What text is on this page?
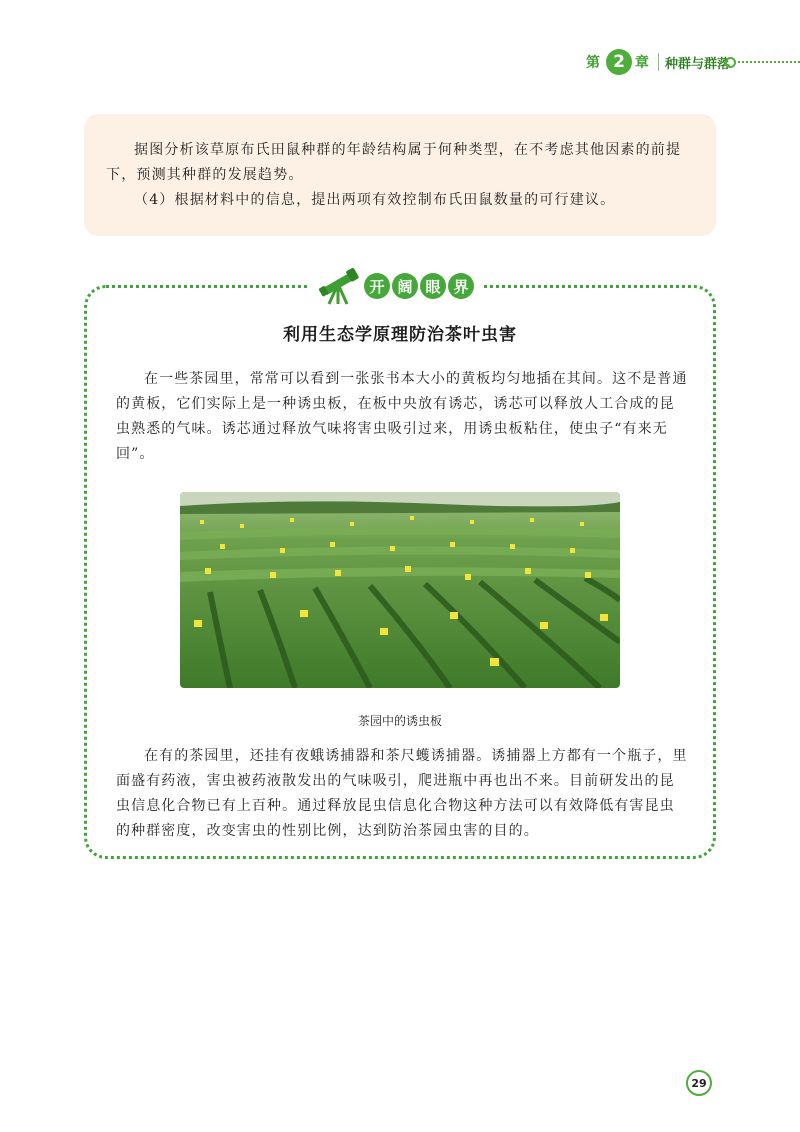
第 2 章 种群与群落

据图分析该草原布氏田鼠种群的年龄结构属于何种类型，在不考虑其他因素的前提下，预测其种群的发展趋势。

（4）根据材料中的信息，提出两项有效控制布氏田鼠数量的可行建议。

开 阔 眼 界
利用生态学原理防治茶叶虫害

在一些茶园里，常常可以看到一张张书本大小的黄板均匀地插在其间。这不是普通的黄板，它们实际上是一种诱虫板，在板中央放有诱芯，诱芯可以释放人工合成的昆虫熟悉的气味。诱芯通过释放气味将害虫吸引过来，用诱虫板粘住，使虫子“有来无回”。

茶园中的诱虫板

在有的茶园里，还挂有夜蛾诱捕器和茶尺蠖诱捕器。诱捕器上方都有一个瓶子，里面盛有药液，害虫被药液散发出的气味吸引，爬进瓶中再也出不来。目前研发出的昆虫信息化合物已有上百种。通过释放昆虫信息化合物这种方法可以有效降低有害昆虫的种群密度，改变害虫的性别比例，达到防治茶园虫害的目的。

29
